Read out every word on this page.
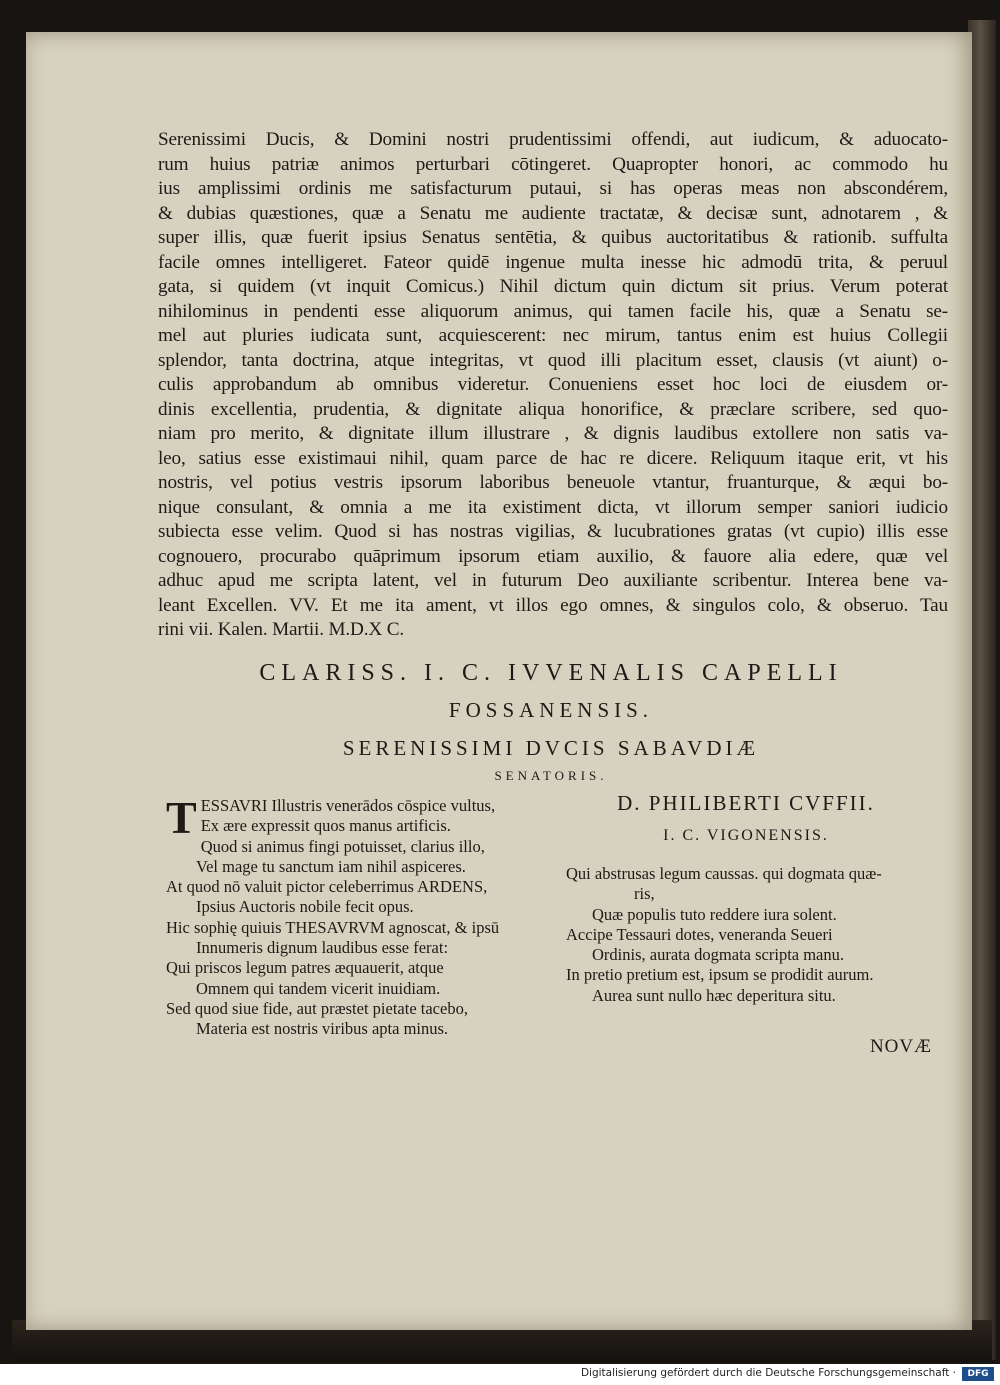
Serenissimi Ducis, & Domini nostri prudentissimi offendi, aut iudicum, & aduocato-
rum huius patriæ animos perturbari cōtingeret. Quapropter honori, ac commodo hu
ius amplissimi ordinis me satisfacturum putaui, si has operas meas non abscondérem,
& dubias quæstiones, quæ a Senatu me audiente tractatæ, & decisæ sunt, adnotarem , &
super illis, quæ fuerit ipsius Senatus sentētia, & quibus auctoritatibus & rationib. suffulta
facile omnes intelligeret. Fateor quidē ingenue multa inesse hic admodū trita, & peruul
gata, si quidem (vt inquit Comicus.) Nihil dictum quin dictum sit prius. Verum poterat
nihilominus in pendenti esse aliquorum animus, qui tamen facile his, quæ a Senatu se-
mel aut pluries iudicata sunt, acquiescerent: nec mirum, tantus enim est huius Collegii
splendor, tanta doctrina, atque integritas, vt quod illi placitum esset, clausis (vt aiunt) o-
culis approbandum ab omnibus videretur. Conueniens esset hoc loci de eiusdem or-
dinis excellentia, prudentia, & dignitate aliqua honorifice, & præclare scribere, sed quo-
niam pro merito, & dignitate illum illustrare , & dignis laudibus extollere non satis va-
leo, satius esse existimaui nihil, quam parce de hac re dicere. Reliquum itaque erit, vt his
nostris, vel potius vestris ipsorum laboribus beneuole vtantur, fruanturque, & æqui bo-
nique consulant, & omnia a me ita existiment dicta, vt illorum semper saniori iudicio
subiecta esse velim. Quod si has nostras vigilias, & lucubrationes gratas (vt cupio) illis esse
cognouero, procurabo quāprimum ipsorum etiam auxilio, & fauore alia edere, quæ vel
adhuc apud me scripta latent, vel in futurum Deo auxiliante scribentur. Interea bene va-
leant Excellen. VV. Et me ita ament, vt illos ego omnes, & singulos colo, & obseruo. Tau
rini vii. Kalen. Martii. M.D.X C.
CLARISS. I. C. IVVENALIS CAPELLI
FOSSANENSIS.
SERENISSIMI DVCIS SABAVDIÆ
SENATORIS.
T ESSAVRI Illustris venerādos cōspice vultus,
Ex ære expressit quos manus artificis.
Quod si animus fingi potuisset, clarius illo,
Vel mage tu sanctum iam nihil aspiceres.
At quod nō valuit pictor celeberrimus ARDENS,
Ipsius Auctoris nobile fecit opus.
Hic sophię quiuis THESAVRVM agnoscat, & ipsū
Innumeris dignum laudibus esse ferat:
Qui priscos legum patres æquauerit, atque
Omnem qui tandem vicerit inuidiam.
Sed quod siue fide, aut præstet pietate tacebo,
Materia est nostris viribus apta minus.
D. PHILIBERTI CVFFII.
I. C. VIGONENSIS.
Qui abstrusas legum caussas. qui dogmata quæ-
ris,
Quæ populis tuto reddere iura solent.
Accipe Tessauri dotes, veneranda Seueri
Ordinis, aurata dogmata scripta manu.
In pretio pretium est, ipsum se prodidit aurum.
Aurea sunt nullo hæc deperitura situ.
NOVÆ
Digitalisierung gefördert durch die Deutsche Forschungsgemeinschaft ·	DFG
